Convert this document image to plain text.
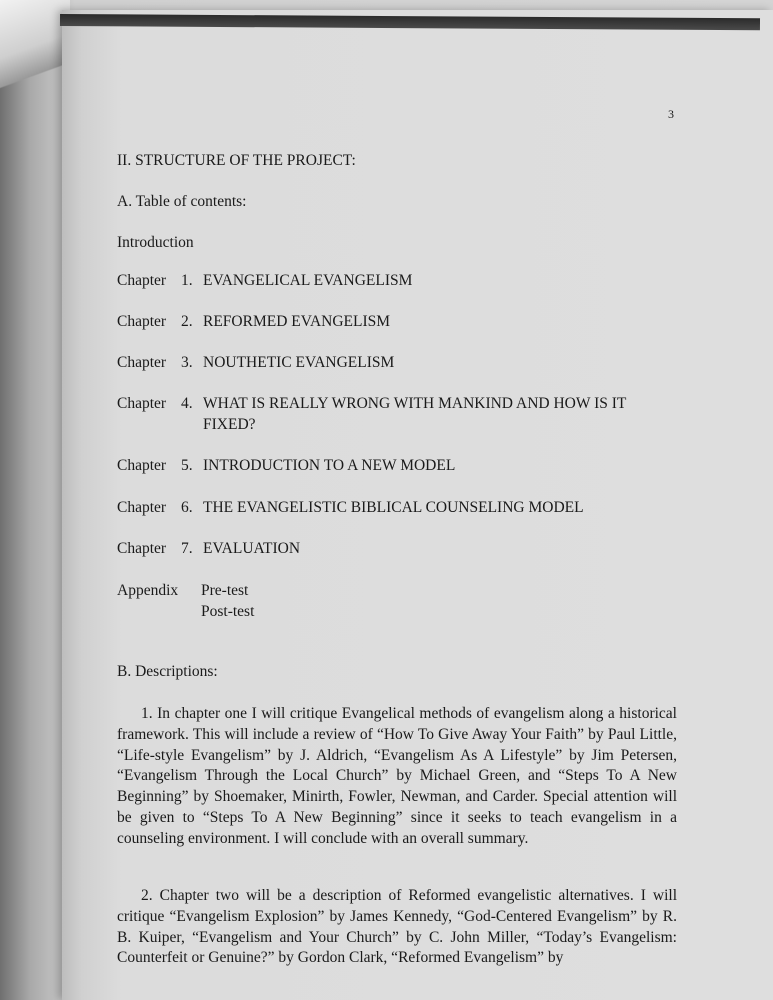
3
II. STRUCTURE OF THE PROJECT:
A. Table of contents:
Introduction
Chapter 1. EVANGELICAL EVANGELISM
Chapter 2. REFORMED EVANGELISM
Chapter 3. NOUTHETIC EVANGELISM
Chapter 4. WHAT IS REALLY WRONG WITH MANKIND AND HOW IS IT FIXED?
Chapter 5. INTRODUCTION TO A NEW MODEL
Chapter 6. THE EVANGELISTIC BIBLICAL COUNSELING MODEL
Chapter 7. EVALUATION
Appendix Pre-test
Post-test
B. Descriptions:
1. In chapter one I will critique Evangelical methods of evangelism along a historical framework. This will include a review of “How To Give Away Your Faith” by Paul Little, “Life-style Evangelism” by J. Aldrich, “Evangelism As A Lifestyle” by Jim Petersen, “Evangelism Through the Local Church” by Michael Green, and “Steps To A New Beginning” by Shoemaker, Minirth, Fowler, Newman, and Carder. Special attention will be given to “Steps To A New Beginning” since it seeks to teach evangelism in a counseling environment. I will conclude with an overall summary.
2. Chapter two will be a description of Reformed evangelistic alternatives. I will critique “Evangelism Explosion” by James Kennedy, “God-Centered Evangelism” by R. B. Kuiper, “Evangelism and Your Church” by C. John Miller, “Today’s Evangelism: Counterfeit or Genuine?” by Gordon Clark, “Reformed Evangelism” by
